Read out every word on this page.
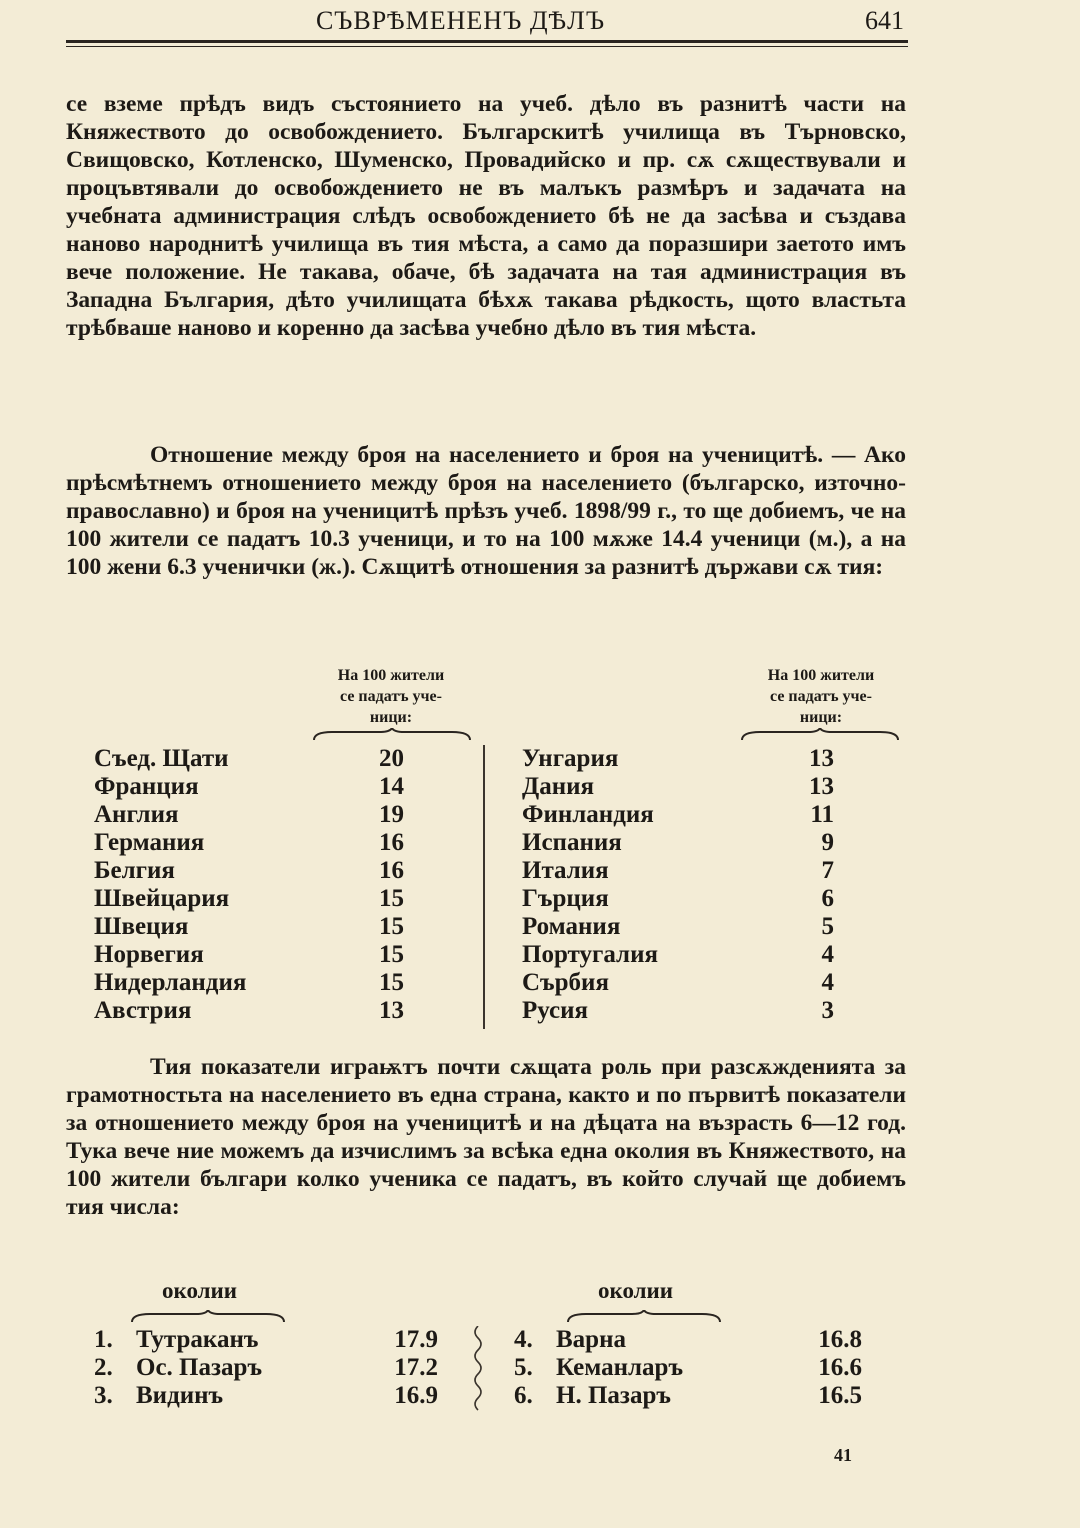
СЪВРѢМЕНЕНЪ ДѢЛЪ	641

се вземе прѣдъ видъ състоянието на учеб. дѣло въ разнитѣ части на Княжеството до освобождението. Българскитѣ училища въ Търновско, Свищовско, Котленско, Шуменско, Провадийско и пр. сѫ сѫществували и процъвтявали до освобождението не въ малъкъ размѣръ и задачата на учебната администрация слѣдъ освобождението бѣ не да засѣва и създава наново народнитѣ училища въ тия мѣста, а само да поразшири заетото имъ вече положение. Не такава, обаче, бѣ задачата на тая администрация въ Западна България, дѣто училищата бѣхѫ такава рѣдкость, щото властьта трѣбваше наново и коренно да засѣва учебно дѣло въ тия мѣста.

Отношение между броя на населението и броя на ученицитѣ. — Ако прѣсмѣтнемъ отношението между броя на населението (българско, източно-православно) и броя на ученицитѣ прѣзъ учеб. 1898/99 г., то ще добиемъ, че на 100 жители се падатъ 10.3 ученици, и то на 100 мѫже 14.4 ученици (м.), а на 100 жени 6.3 ученички (ж.). Сѫщитѣ отношения за разнитѣ държави сѫ тия:

На 100 жители
се падатъ уче-
ници:
На 100 жители
се падатъ уче-
ници:
Съед. Щати	20
Франция	14
Англия	19
Германия	16
Белгия	16
Швейцария	15
Швеция	15
Норвегия	15
Нидерландия	15
Австрия	13
Унгария	13
Дания	13
Финландия	11
Испания	9
Италия	7
Гърция	6
Романия	5
Португалия	4
Сърбия	4
Русия	3

Тия показатели играѭтъ почти сѫщата роль при разсѫжденията за грамотностьта на населението въ една страна, както и по първитѣ показатели за отношението между броя на ученицитѣ и на дѣцата на възрасть 6—12 год. Тука вече ние можемъ да изчислимъ за всѣка една околия въ Княжеството, на 100 жители българи колко ученика се падатъ, въ който случай ще добиемъ тия числа:

околии	околии
1. Тутраканъ	17.9
2. Ос. Пазаръ	17.2
3. Видинъ	16.9
4. Варна	16.8
5. Кеманларъ	16.6
6. Н. Пазаръ	16.5
41
